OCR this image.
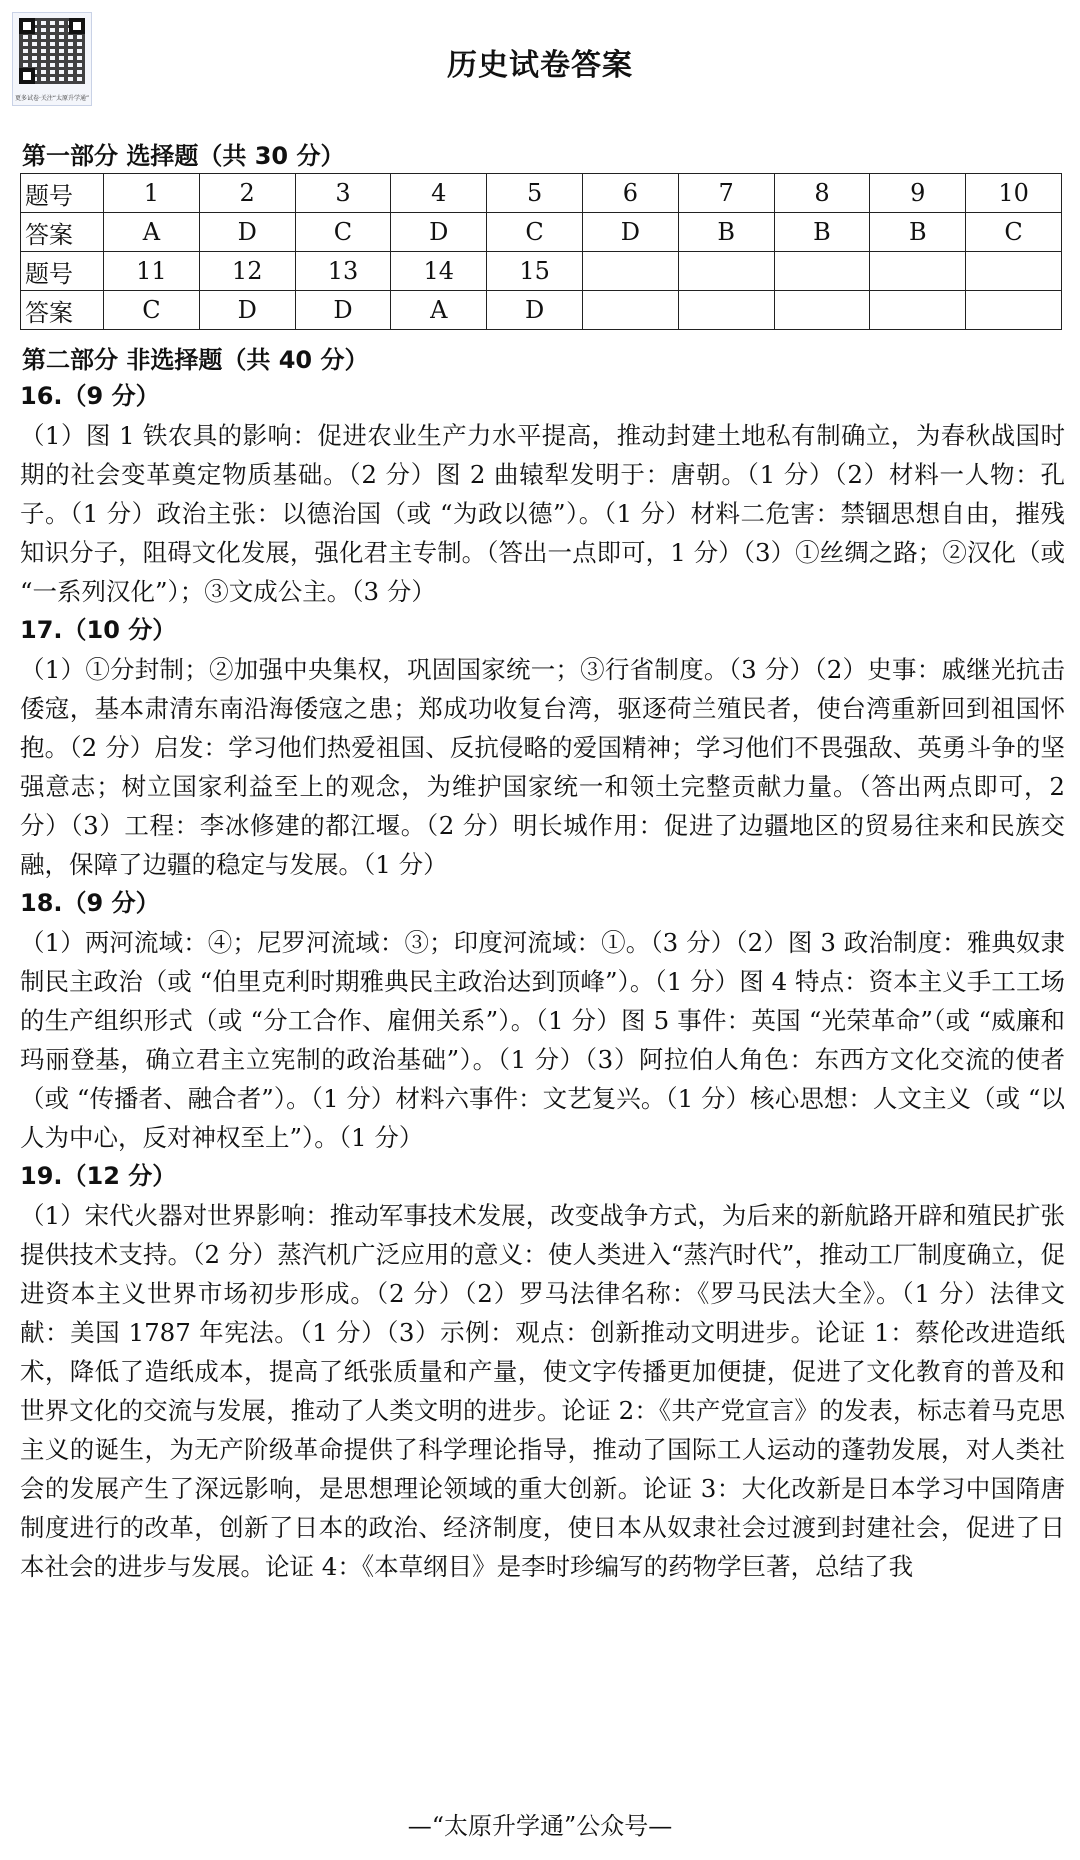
更多试卷·关注“太原升学通”
历史试卷答案
第一部分 选择题（共 30 分）
题号	1	2	3	4	5	6	7	8	9	10
答案	A	D	C	D	C	D	B	B	B	C
题号	11	12	13	14	15					
答案	C	D	D	A	D					
第二部分 非选择题（共 40 分）
16.（9 分）
（1）图 1 铁农具的影响：促进农业生产力水平提高，推动封建土地私有制确立，为春秋战国时期的社会变革奠定物质基础。（2 分）图 2 曲辕犁发明于：唐朝。（1 分）（2）材料一人物：孔子。（1 分）政治主张：以德治国（或 “为政以德”）。（1 分）材料二危害：禁锢思想自由，摧残知识分子，阻碍文化发展，强化君主专制。（答出一点即可，1 分）（3）①丝绸之路；②汉化（或 “一系列汉化”）；③文成公主。（3 分）
17.（10 分）
（1）①分封制；②加强中央集权，巩固国家统一；③行省制度。（3 分）（2）史事：戚继光抗击倭寇，基本肃清东南沿海倭寇之患；郑成功收复台湾，驱逐荷兰殖民者，使台湾重新回到祖国怀抱。（2 分）启发：学习他们热爱祖国、反抗侵略的爱国精神；学习他们不畏强敌、英勇斗争的坚强意志；树立国家利益至上的观念，为维护国家统一和领土完整贡献力量。（答出两点即可，2 分）（3）工程：李冰修建的都江堰。（2 分）明长城作用：促进了边疆地区的贸易往来和民族交融，保障了边疆的稳定与发展。（1 分）
18.（9 分）
（1）两河流域：④；尼罗河流域：③；印度河流域：①。（3 分）（2）图 3 政治制度：雅典奴隶制民主政治（或 “伯里克利时期雅典民主政治达到顶峰”）。（1 分）图 4 特点：资本主义手工工场的生产组织形式（或 “分工合作、雇佣关系”）。（1 分）图 5 事件：英国 “光荣革命”（或 “威廉和玛丽登基，确立君主立宪制的政治基础”）。（1 分）（3）阿拉伯人角色：东西方文化交流的使者（或 “传播者、融合者”）。（1 分）材料六事件：文艺复兴。（1 分）核心思想：人文主义（或 “以人为中心，反对神权至上”）。（1 分）
19.（12 分）
（1）宋代火器对世界影响：推动军事技术发展，改变战争方式，为后来的新航路开辟和殖民扩张提供技术支持。（2 分）蒸汽机广泛应用的意义：使人类进入“蒸汽时代”，推动工厂制度确立，促进资本主义世界市场初步形成。（2 分）（2）罗马法律名称：《罗马民法大全》。（1 分）法律文献：美国 1787 年宪法。（1 分）（3）示例：观点：创新推动文明进步。论证 1：蔡伦改进造纸术，降低了造纸成本，提高了纸张质量和产量，使文字传播更加便捷，促进了文化教育的普及和世界文化的交流与发展，推动了人类文明的进步。论证 2：《共产党宣言》的发表，标志着马克思主义的诞生，为无产阶级革命提供了科学理论指导，推动了国际工人运动的蓬勃发展，对人类社会的发展产生了深远影响，是思想理论领域的重大创新。论证 3：大化改新是日本学习中国隋唐制度进行的改革，创新了日本的政治、经济制度，使日本从奴隶社会过渡到封建社会，促进了日本社会的进步与发展。论证 4：《本草纲目》是李时珍编写的药物学巨著，总结了我
—“太原升学通”公众号—
